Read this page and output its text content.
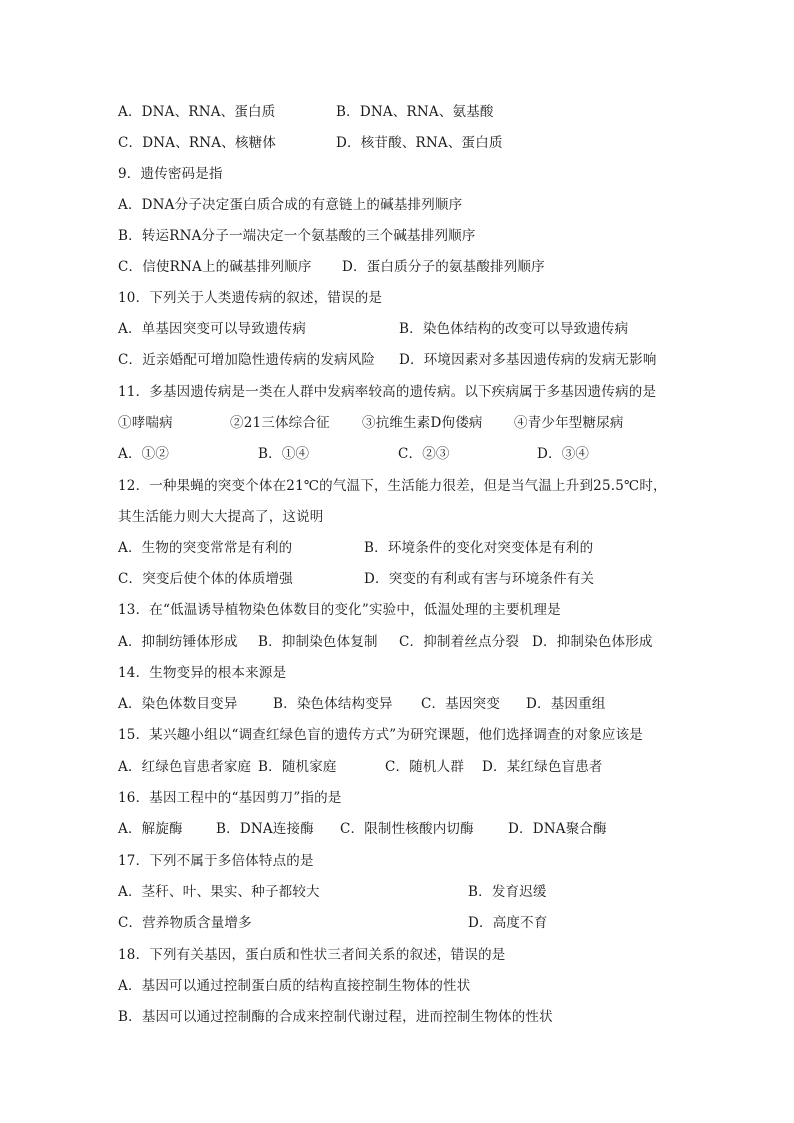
A．DNA、RNA、蛋白质	B．DNA、RNA、氨基酸
C．DNA、RNA、核糖体	D．核苷酸、RNA、蛋白质
9．遗传密码是指
A．DNA分子决定蛋白质合成的有意链上的碱基排列顺序
B．转运RNA分子一端决定一个氨基酸的三个碱基排列顺序
C．信使RNA上的碱基排列顺序 D．蛋白质分子的氨基酸排列顺序
10．下列关于人类遗传病的叙述，错误的是
A．单基因突变可以导致遗传病	B．染色体结构的改变可以导致遗传病
C．近亲婚配可增加隐性遗传病的发病风险 D．环境因素对多基因遗传病的发病无影响
11．多基因遗传病是一类在人群中发病率较高的遗传病。以下疾病属于多基因遗传病的是
①哮喘病	②21三体综合征 ③抗维生素D佝偻病 ④青少年型糖尿病
A．①②	B．①④	C．②③	D．③④
12．一种果蝇的突变个体在21℃的气温下，生活能力很差，但是当气温上升到25.5℃时，
其生活能力则大大提高了，这说明
A．生物的突变常常是有利的	B．环境条件的变化对突变体是有利的
C．突变后使个体的体质增强	D．突变的有利或有害与环境条件有关
13．在“低温诱导植物染色体数目的变化”实验中，低温处理的主要机理是
A．抑制纺锤体形成 B．抑制染色体复制 C．抑制着丝点分裂 D．抑制染色体形成
14．生物变异的根本来源是
A．染色体数目变异	B．染色体结构变异 C．基因突变 D．基因重组
15．某兴趣小组以“调查红绿色盲的遗传方式”为研究课题，他们选择调查的对象应该是
A．红绿色盲患者家庭 B．随机家庭	C．随机人群 D．某红绿色盲患者
16．基因工程中的“基因剪刀”指的是
A．解旋酶 B．DNA连接酶 C．限制性核酸内切酶	D．DNA聚合酶
17．下列不属于多倍体特点的是
A．茎秆、叶、果实、种子都较大	B．发育迟缓
C．营养物质含量增多	D．高度不育
18．下列有关基因，蛋白质和性状三者间关系的叙述，错误的是
A．基因可以通过控制蛋白质的结构直接控制生物体的性状
B．基因可以通过控制酶的合成来控制代谢过程，进而控制生物体的性状
